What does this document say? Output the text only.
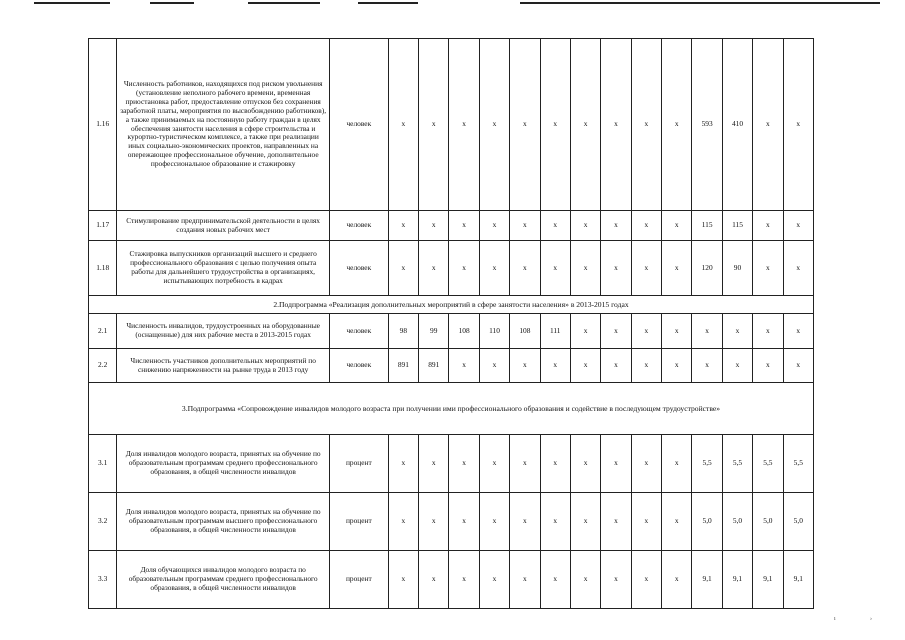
1.16	Численность работников, находящихся под риском увольнения (установление неполного рабочего времени, временная приостановка работ, предоставление отпусков без сохранения заработной платы, мероприятия по высвобождению работников), а также принимаемых на постоянную работу граждан в целях обеспечения занятости населения в сфере строительства и курортно-туристическом комплексе, а также при реализации иных социально-экономических проектов, направленных на опережающее профессиональное обучение, дополнительное профессиональное образование и стажировку	человек	x	x	x	x	x	x	x	x	x	x	593	410	x	x
1.17	Стимулирование предпринимательской деятельности в целях создания новых рабочих мест	человек	x	x	x	x	x	x	x	x	x	x	115	115	x	x
1.18	Стажировка выпускников организаций высшего и среднего профессионального образования с целью получения опыта работы для дальнейшего трудоустройства в организациях, испытывающих потребность в кадрах	человек	x	x	x	x	x	x	x	x	x	x	120	90	x	x
2.Подпрограмма «Реализация дополнительных мероприятий в сфере занятости населения» в 2013-2015 годах																
2.1	Численность инвалидов, трудоустроенных на оборудованные (оснащенные) для них рабочие места в 2013-2015 годах	человек	98	99	108	110	108	111	x	x	x	x	x	x	x	x
2.2	Численность участников дополнительных мероприятий по снижению напряженности на рынке труда в 2013 году	человек	891	891	x	x	x	x	x	x	x	x	x	x	x	x
3.Подпрограмма «Сопровождение инвалидов молодого возраста при получении ими профессионального образования и содействие в последующем трудоустройстве»																
3.1	Доля инвалидов молодого возраста, принятых на обучение по образовательным программам среднего профессионального образования, в общей численности инвалидов	процент	x	x	x	x	x	x	x	x	x	x	5,5	5,5	5,5	5,5
3.2	Доля инвалидов молодого возраста, принятых на обучение по образовательным программам высшего профессионального образования, в общей численности инвалидов	процент	x	x	x	x	x	x	x	x	x	x	5,0	5,0	5,0	5,0
3.3	Доля обучающихся инвалидов молодого возраста по образовательным программам среднего профессионального образования, в общей численности инвалидов	процент	x	x	x	x	x	x	x	x	x	x	9,1	9,1	9,1	9,1
ı	›
